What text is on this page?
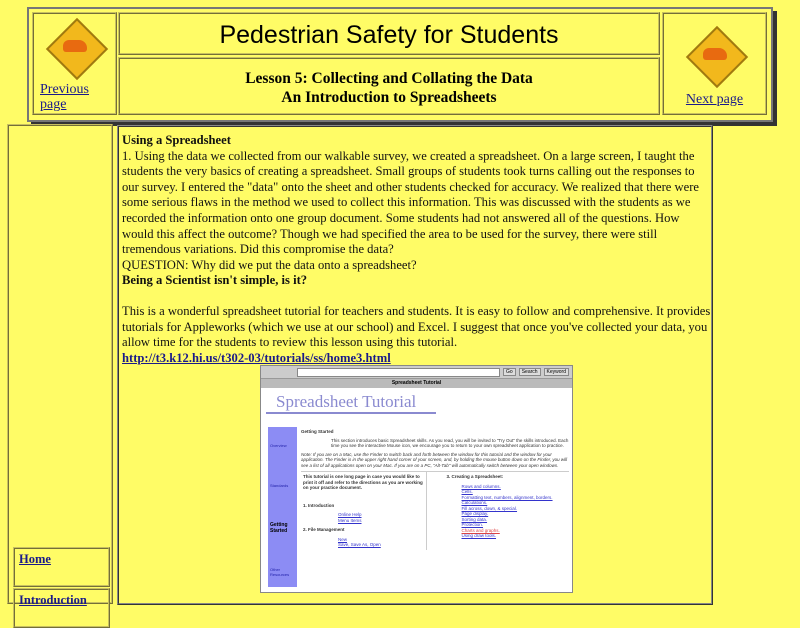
Previous page
Pedestrian Safety for Students
Lesson 5: Collecting and Collating the Data
An Introduction to Spreadsheets	Next page
Home
Introduction
Using a Spreadsheet
1. Using the data we collected from our walkable survey, we created a spreadsheet. On a large screen, I taught the students the very basics of creating a spreadsheet. Small groups of students took turns calling out the responses to our survey. I entered the "data" onto the sheet and other students checked for accuracy. We realized that there were some serious flaws in the method we used to collect this information. This was discussed with the students as we recorded the information onto one group document. Some students had not answered all of the questions. How would this affect the outcome? Though we had specified the area to be used for the survey, there were still tremendous variations. Did this compromise the data?
QUESTION: Why did we put the data onto a spreadsheet?
Being a Scientist isn't simple, is it?
This is a wonderful spreadsheet tutorial for teachers and students. It is easy to follow and comprehensive. It provides tutorials for Appleworks (which we use at our school) and Excel. I suggest that once you've collected your data, you allow time for the students to review this lesson using this tutorial.
http://t3.k12.hi.us/t302-03/tutorials/ss/home3.html
Go	Search	Keyword
Spreadsheet Tutorial
Spreadsheet Tutorial
Overview
Standards
Getting Started
Other Resources
Getting Started
This section introduces basic Spreadsheet skills. As you read, you will be invited to "Try Out" the skills introduced. Each time you see the interactive Mouse icon, we encourage you to return to your own spreadsheet application to practice.
Note: If you are on a Mac, use the Finder to switch back and forth between the window for this tutorial and the window for your application. The Finder is in the upper right hand corner of your screen, and, by holding the mouse button down on the Finder, you will see a list of all applications open on your Mac. If you are on a PC, "Alt-Tab" will automatically switch between your open windows.
This tutorial is one long page in case you would like to print it off and refer to the directions as you are working on your practice document.
1. Introduction
Online Help
Menu Items
2. File Management
New
Save, Save As, Open
3. Creating a Spreadsheet:
Rows and columns.
Cells.
Formatting text, numbers, alignment, borders.
Calculations.
Fill across, down, & special.
Page display.
Sorting data.
Protection.
Charts and graphs.
Using draw tools.
